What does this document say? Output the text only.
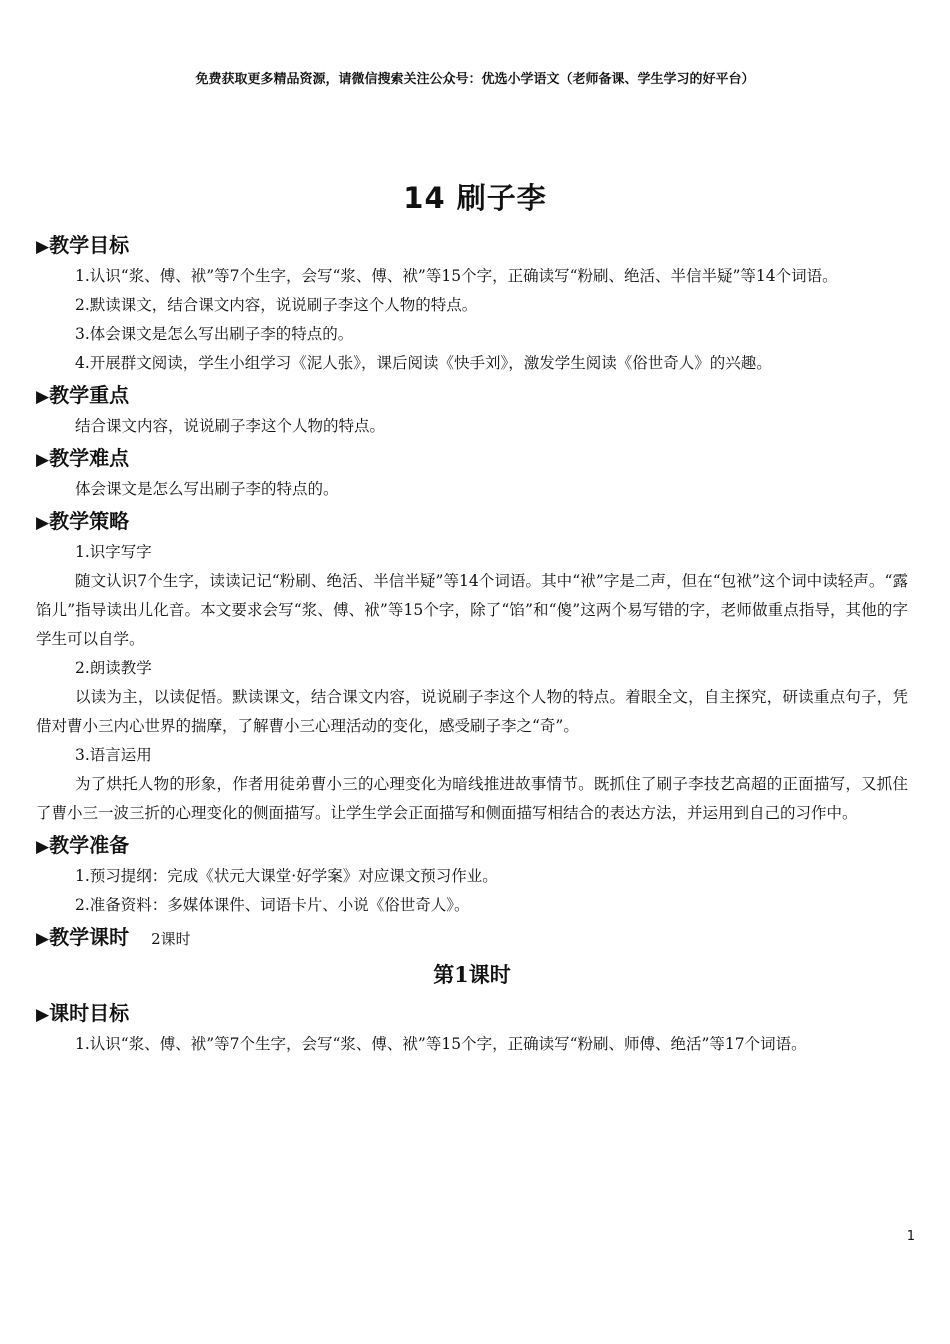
免费获取更多精品资源，请微信搜索关注公众号：优选小学语文（老师备课、学生学习的好平台）
14 刷子李
▶教学目标
1.认识“浆、傅、袱”等7个生字，会写“浆、傅、袱”等15个字，正确读写“粉刷、绝活、半信半疑”等14个词语。
2.默读课文，结合课文内容，说说刷子李这个人物的特点。
3.体会课文是怎么写出刷子李的特点的。
4.开展群文阅读，学生小组学习《泥人张》，课后阅读《快手刘》，激发学生阅读《俗世奇人》的兴趣。
▶教学重点
结合课文内容，说说刷子李这个人物的特点。
▶教学难点
体会课文是怎么写出刷子李的特点的。
▶教学策略
1.识字写字
随文认识7个生字，读读记记“粉刷、绝活、半信半疑”等14个词语。其中“袱”字是二声，但在“包袱”这个词中读轻声。“露馅儿”指导读出儿化音。本文要求会写“浆、傅、袱”等15个字，除了“馅”和“傻”这两个易写错的字，老师做重点指导，其他的字学生可以自学。
2.朗读教学
以读为主，以读促悟。默读课文，结合课文内容，说说刷子李这个人物的特点。着眼全文，自主探究，研读重点句子，凭借对曹小三内心世界的揣摩，了解曹小三心理活动的变化，感受刷子李之“奇”。
3.语言运用
为了烘托人物的形象，作者用徒弟曹小三的心理变化为暗线推进故事情节。既抓住了刷子李技艺高超的正面描写，又抓住了曹小三一波三折的心理变化的侧面描写。让学生学会正面描写和侧面描写相结合的表达方法，并运用到自己的习作中。
▶教学准备
1.预习提纲：完成《状元大课堂·好学案》对应课文预习作业。
2.准备资料：多媒体课件、词语卡片、小说《俗世奇人》。
▶教学课时 2课时
第1课时
▶课时目标
1.认识“浆、傅、袱”等7个生字，会写“浆、傅、袱”等15个字，正确读写“粉刷、师傅、绝活”等17个词语。
1
